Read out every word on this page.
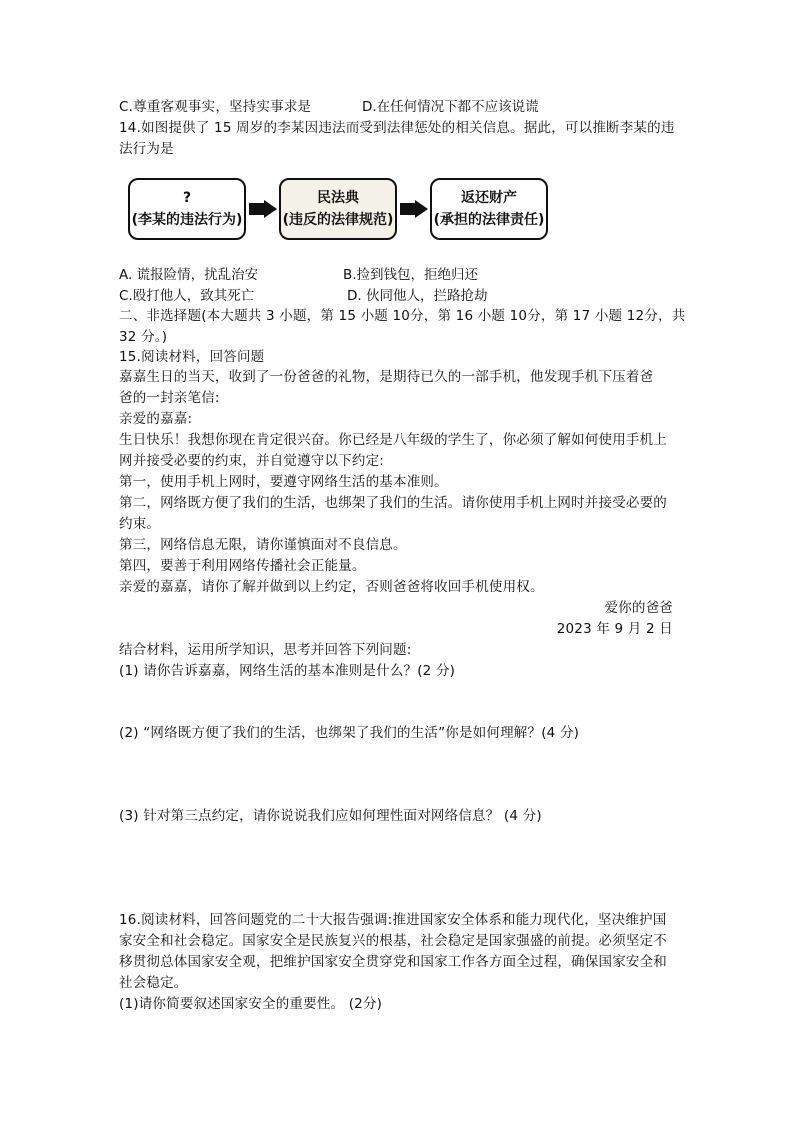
C.尊重客观事实，坚持实事求是	D.在任何情况下都不应该说谎
14.如图提供了 15 周岁的李某因违法而受到法律惩处的相关信息。据此，可以推断李某的违
法行为是
?
(李某的违法行为)
民法典
(违反的法律规范)
返还财产
(承担的法律责任)
A. 谎报险情，扰乱治安	B.捡到钱包，拒绝归还
C.殴打他人，致其死亡	D. 伙同他人，拦路抢劫
二、非选择题(本大题共 3 小题，第 15 小题 10分，第 16 小题 10分，第 17 小题 12分，共
32 分。)
15.阅读材料，回答问题
嘉嘉生日的当天，收到了一份爸爸的礼物，是期待已久的一部手机，他发现手机下压着爸
爸的一封亲笔信:
亲爱的嘉嘉:
生日快乐！我想你现在肯定很兴奋。你已经是八年级的学生了，你必须了解如何使用手机上
网并接受必要的约束，并自觉遵守以下约定:
第一，使用手机上网时，要遵守网络生活的基本准则。
第二，网络既方便了我们的生活，也绑架了我们的生活。请你使用手机上网时并接受必要的
约束。
第三，网络信息无限，请你谨慎面对不良信息。
第四，要善于利用网络传播社会正能量。
亲爱的嘉嘉，请你了解并做到以上约定，否则爸爸将收回手机使用权。
爱你的爸爸
2023 年 9 月 2 日
结合材料，运用所学知识，思考并回答下列问题:
(1) 请你告诉嘉嘉，网络生活的基本准则是什么？(2 分)
(2) “网络既方便了我们的生活，也绑架了我们的生活”你是如何理解？(4 分)
(3) 针对第三点约定，请你说说我们应如何理性面对网络信息？ (4 分)
16.阅读材料，回答问题党的二十大报告强调:推进国家安全体系和能力现代化，坚决维护国
家安全和社会稳定。国家安全是民族复兴的根基，社会稳定是国家强盛的前提。必须坚定不
移贯彻总体国家安全观，把维护国家安全贯穿党和国家工作各方面全过程，确保国家安全和
社会稳定。
(1)请你简要叙述国家安全的重要性。 (2分)
